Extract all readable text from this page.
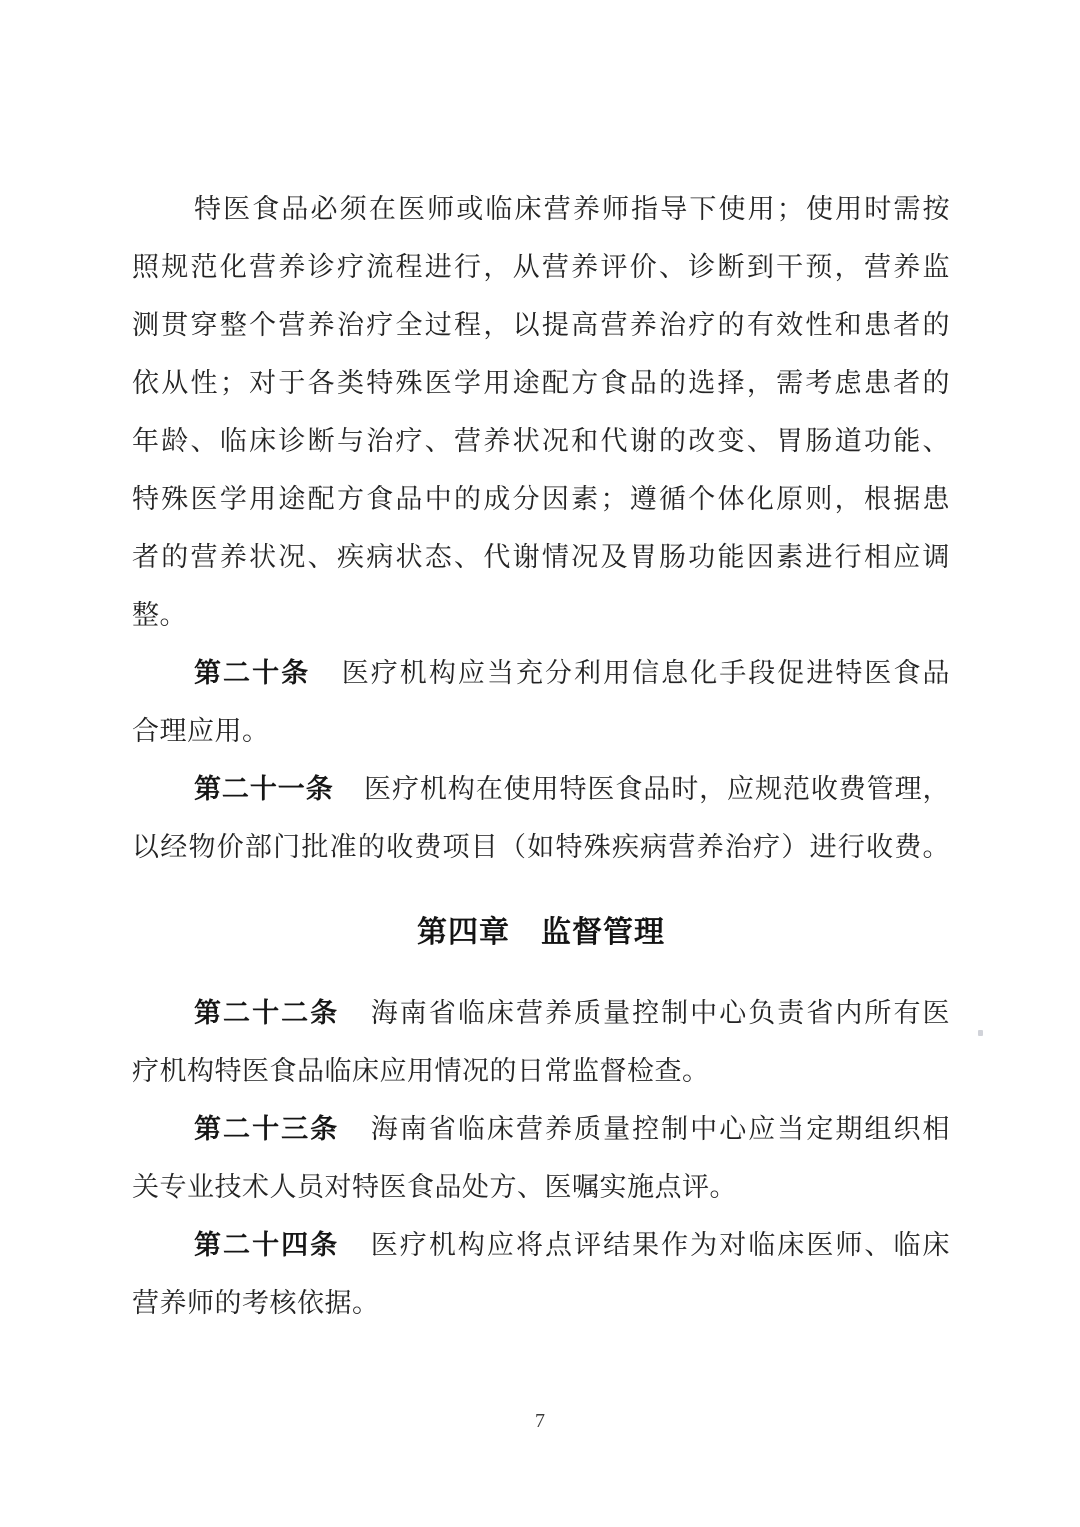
特医食品必须在医师或临床营养师指导下使用；使用时需按
照规范化营养诊疗流程进行，从营养评价、诊断到干预，营养监
测贯穿整个营养治疗全过程，以提高营养治疗的有效性和患者的
依从性；对于各类特殊医学用途配方食品的选择，需考虑患者的
年龄、临床诊断与治疗、营养状况和代谢的改变、胃肠道功能、
特殊医学用途配方食品中的成分因素；遵循个体化原则，根据患
者的营养状况、疾病状态、代谢情况及胃肠功能因素进行相应调
整。
第二十条 医疗机构应当充分利用信息化手段促进特医食品
合理应用。
第二十一条 医疗机构在使用特医食品时，应规范收费管理，
以经物价部门批准的收费项目（如特殊疾病营养治疗）进行收费。
第四章　监督管理
第二十二条 海南省临床营养质量控制中心负责省内所有医
疗机构特医食品临床应用情况的日常监督检查。
第二十三条 海南省临床营养质量控制中心应当定期组织相
关专业技术人员对特医食品处方、医嘱实施点评。
第二十四条 医疗机构应将点评结果作为对临床医师、临床
营养师的考核依据。
7
